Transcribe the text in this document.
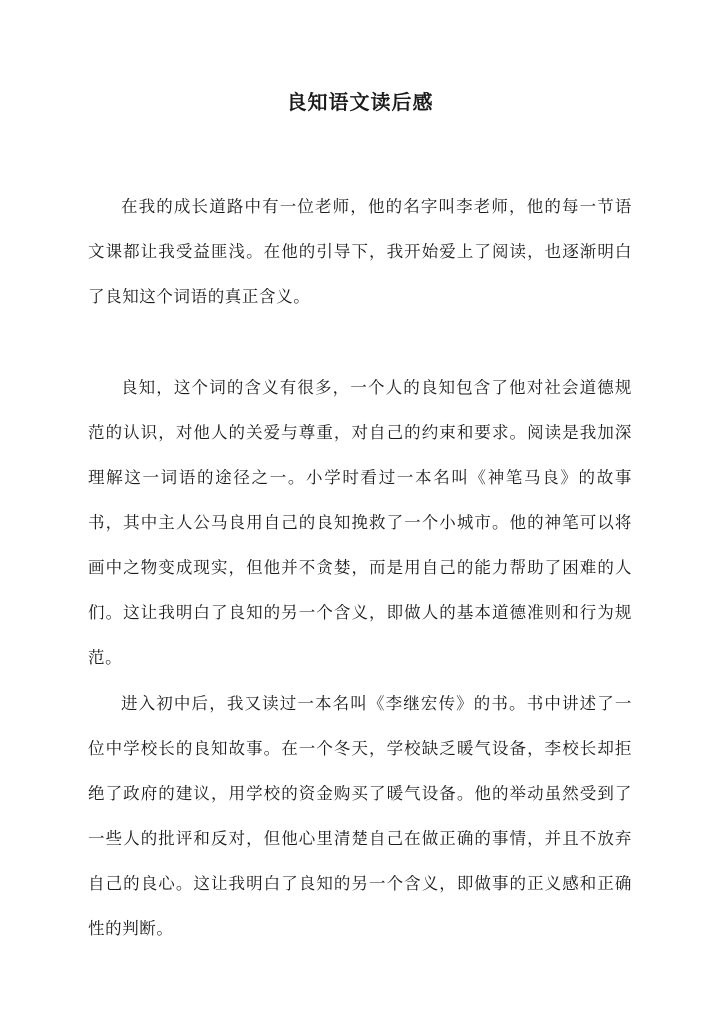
良知语文读后感

在我的成长道路中有一位老师，他的名字叫李老师，他的每一节语文课都让我受益匪浅。在他的引导下，我开始爱上了阅读，也逐渐明白了良知这个词语的真正含义。

良知，这个词的含义有很多，一个人的良知包含了他对社会道德规范的认识，对他人的关爱与尊重，对自己的约束和要求。阅读是我加深理解这一词语的途径之一。小学时看过一本名叫《神笔马良》的故事书，其中主人公马良用自己的良知挽救了一个小城市。他的神笔可以将画中之物变成现实，但他并不贪婪，而是用自己的能力帮助了困难的人们。这让我明白了良知的另一个含义，即做人的基本道德准则和行为规范。

进入初中后，我又读过一本名叫《李继宏传》的书。书中讲述了一位中学校长的良知故事。在一个冬天，学校缺乏暖气设备，李校长却拒绝了政府的建议，用学校的资金购买了暖气设备。他的举动虽然受到了一些人的批评和反对，但他心里清楚自己在做正确的事情，并且不放弃自己的良心。这让我明白了良知的另一个含义，即做事的正义感和正确性的判断。
